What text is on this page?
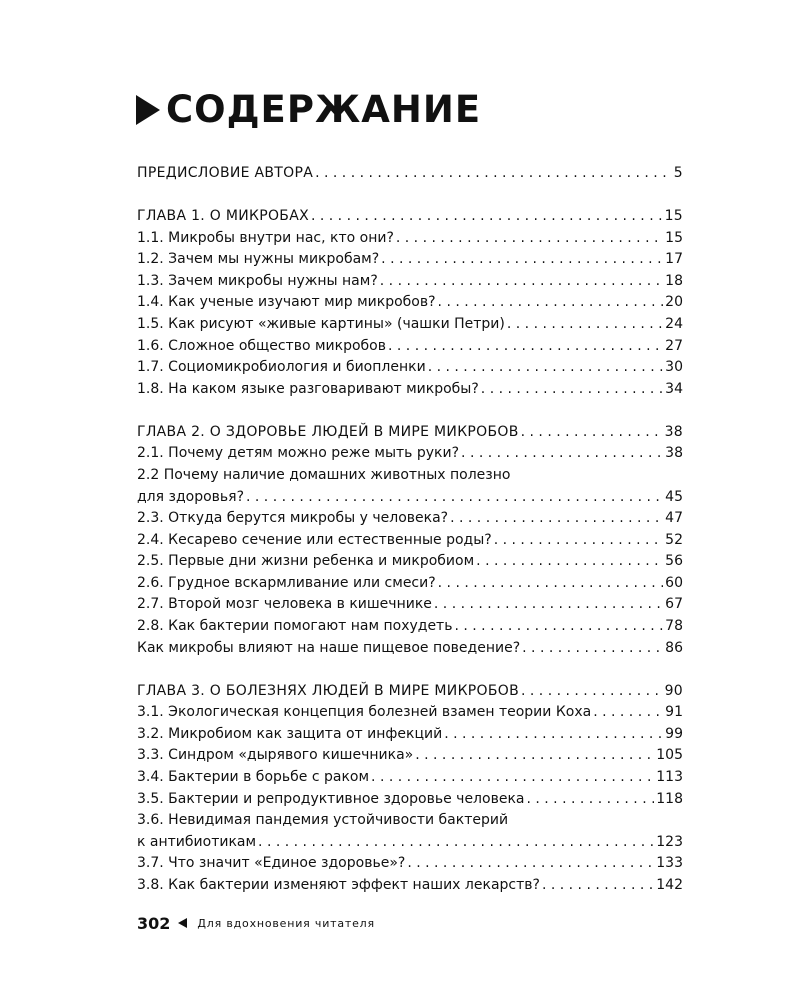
СОДЕРЖАНИЕ
ПРЕДИСЛОВИЕ АВТОРА . . .	5
ГЛАВА 1. О МИКРОБАХ . . .	15
1.1. Микробы внутри нас, кто они? . . .	15
1.2. Зачем мы нужны микробам? . . .	17
1.3. Зачем микробы нужны нам? . . .	18
1.4. Как ученые изучают мир микробов? . . .	20
1.5. Как рисуют «живые картины» (чашки Петри) . . .	24
1.6. Сложное общество микробов . . .	27
1.7. Социомикробиология и биопленки . . .	30
1.8. На каком языке разговаривают микробы? . . .	34
ГЛАВА 2. О ЗДОРОВЬЕ ЛЮДЕЙ В МИРЕ МИКРОБОВ . . .	38
2.1. Почему детям можно реже мыть руки? . . .	38
2.2 Почему наличие домашних животных полезно
для здоровья? . . .	45
2.3. Откуда берутся микробы у человека? . . .	47
2.4. Кесарево сечение или естественные роды? . . .	52
2.5. Первые дни жизни ребенка и микробиом . . .	56
2.6. Грудное вскармливание или смеси? . . .	60
2.7. Второй мозг человека в кишечнике . . .	67
2.8. Как бактерии помогают нам похудеть . . .	78
Как микробы влияют на наше пищевое поведение? . . .	86
ГЛАВА 3. О БОЛЕЗНЯХ ЛЮДЕЙ В МИРЕ МИКРОБОВ . . .	90
3.1. Экологическая концепция болезней взамен теории Коха . . .	91
3.2. Микробиом как защита от инфекций . . .	99
3.3. Синдром «дырявого кишечника» . . .	105
3.4. Бактерии в борьбе с раком . . .	113
3.5. Бактерии и репродуктивное здоровье человека . . .	118
3.6. Невидимая пандемия устойчивости бактерий
к антибиотикам . . .	123
3.7. Что значит «Единое здоровье»? . . .	133
3.8. Как бактерии изменяют эффект наших лекарств? . . .	142
302 Для вдохновения читателя
